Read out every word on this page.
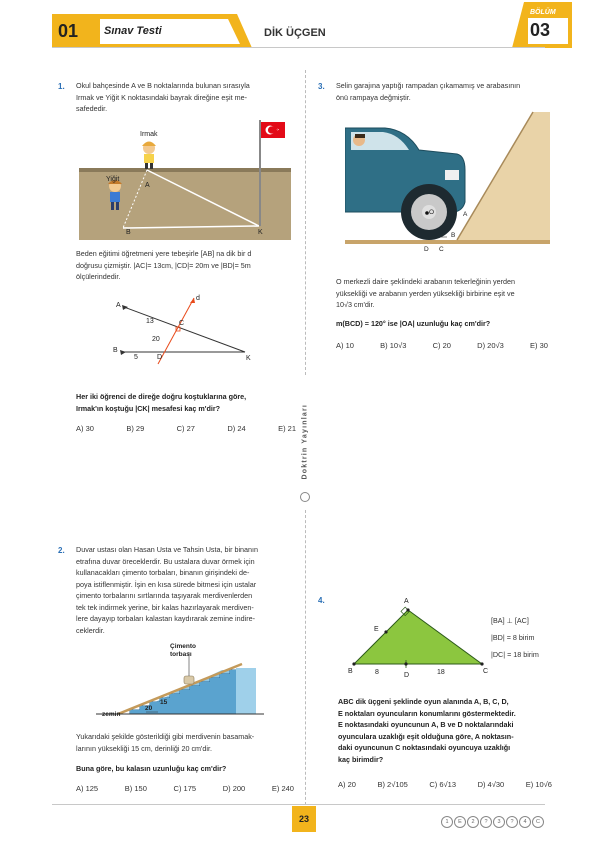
01 Sınav Testi	DİK ÜÇGEN
BÖLÜM
03
Doktrin Yayınları
1. Okul bahçesinde A ve B noktalarında bulunan sırasıyla
Irmak ve Yiğit K noktasındaki bayrak direğine eşit me-
safededir.
Irmak
Yiğit
A
B	K
Beden eğitimi öğretmeni yere tebeşirle [AB] na dik bir d
doğrusu çizmiştir. |AC|= 13cm, |CD|= 20m ve |BD|= 5m
ölçülerindedir.
A
d
13	C
20
B
5	D	K
Her iki öğrenci de direğe doğru koştuklarına göre,
Irmak'ın koştuğu |CK| mesafesi kaç m'dir?
A) 30	B) 29	C) 27	D) 24	E) 21
2. Duvar ustası olan Hasan Usta ve Tahsin Usta, bir binanın
etrafına duvar öreceklerdir. Bu ustalara duvar örmek için
kullanacakları çimento torbaları, binanın girişindeki de-
poya istiflenmiştir. İşin en kısa sürede bitmesi için ustalar
çimento torbalarını sırtlarında taşıyarak merdivenlerden
tek tek indirmek yerine, bir kalas hazırlayarak merdiven-
lere dayayıp torbaları kalastan kaydırarak zemine indire-
ceklerdir.
Çimento
torbası
zemin
20
15
Yukarıdaki şekilde gösterildiği gibi merdivenin basamak-
larının yüksekliği 15 cm, derinliği 20 cm'dir.
Buna göre, bu kalasın uzunluğu kaç cm'dir?
A) 125	B) 150	C) 175	D) 200	E) 240
3. Selin garajına yaptığı rampadan çıkamamış ve arabasının
önü rampaya değmiştir.
O	A
B
D C
O merkezli daire şeklindeki arabanın tekerleğinin yerden
yüksekliği ve arabanın yerden yüksekliği birbirine eşit ve
10√3 cm'dir.
m(BCD) = 120° ise |OA| uzunluğu kaç cm'dir?
A) 10	B) 10√3	C) 20	D) 20√3	E) 30
4.	A
E
B	8	D	18	C
[BA] ⊥ [AC]
|BD| = 8 birim
|DC| = 18 birim
ABC dik üçgeni şeklinde oyun alanında A, B, C, D,
E noktaları oyuncuların konumlarını göstermektedir.
E noktasındaki oyuncunun A, B ve D noktalarındaki
oyunculara uzaklığı eşit olduğuna göre, A noktasın-
daki oyuncunun C noktasındaki oyuncuya uzaklığı
kaç birimdir?
A) 20	B) 2√105	C) 6√13	D) 4√30	E) 10√6
23	1 E 2 ? 3 ? 4 C
